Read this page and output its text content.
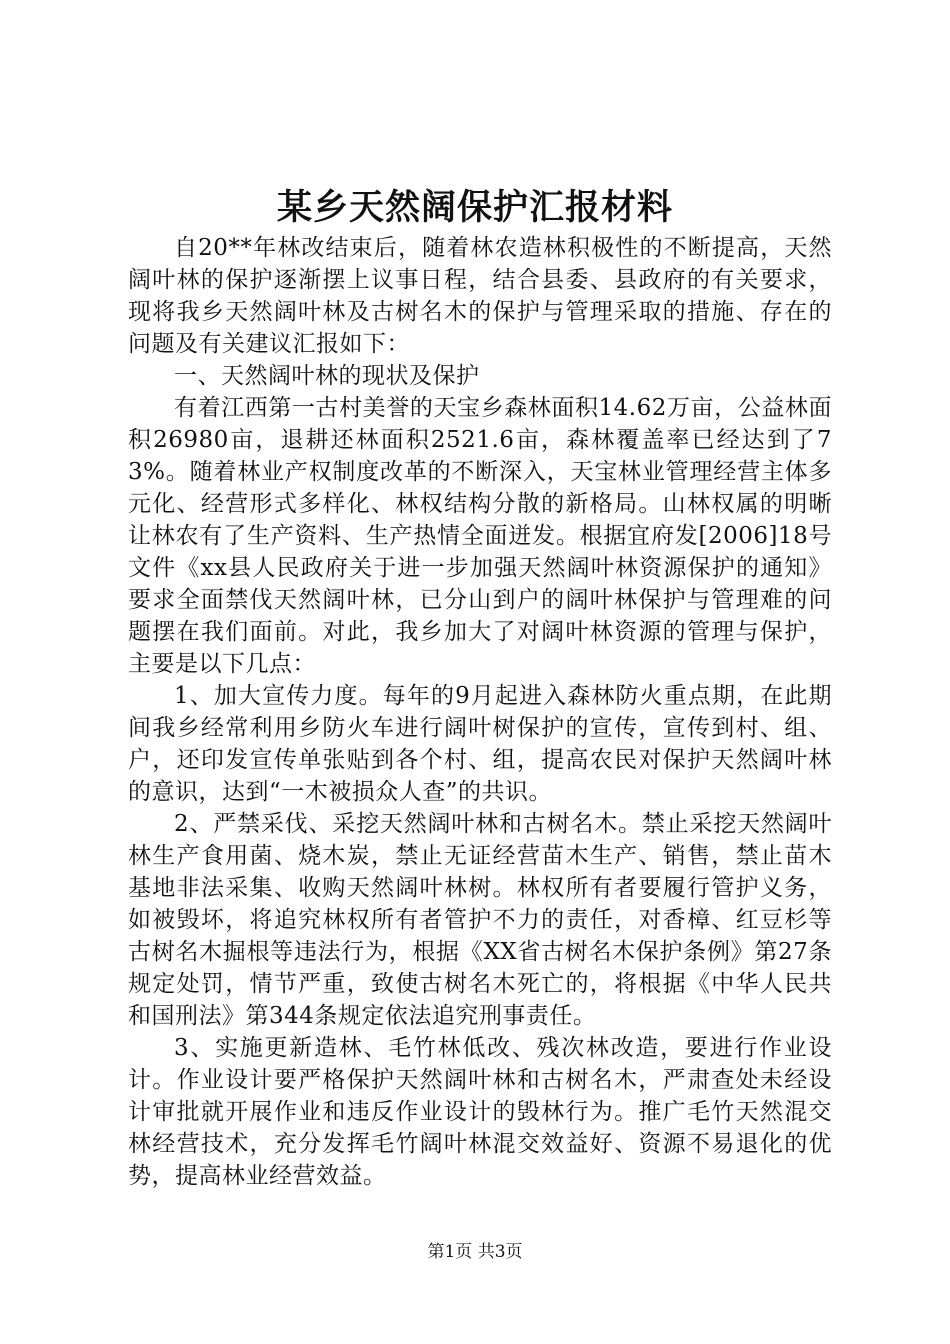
某乡天然阔保护汇报材料

自20**年林改结束后，随着林农造林积极性的不断提高，天然阔叶林的保护逐渐摆上议事日程，结合县委、县政府的有关要求，现将我乡天然阔叶林及古树名木的保护与管理采取的措施、存在的问题及有关建议汇报如下：

一、天然阔叶林的现状及保护

有着江西第一古村美誉的天宝乡森林面积14.62万亩，公益林面积26980亩，退耕还林面积2521.6亩，森林覆盖率已经达到了73%。随着林业产权制度改革的不断深入，天宝林业管理经营主体多元化、经营形式多样化、林权结构分散的新格局。山林权属的明晰让林农有了生产资料、生产热情全面迸发。根据宜府发[2006]18号文件《xx县人民政府关于进一步加强天然阔叶林资源保护的通知》要求全面禁伐天然阔叶林，已分山到户的阔叶林保护与管理难的问题摆在我们面前。对此，我乡加大了对阔叶林资源的管理与保护，主要是以下几点：

1、加大宣传力度。每年的9月起进入森林防火重点期，在此期间我乡经常利用乡防火车进行阔叶树保护的宣传，宣传到村、组、户，还印发宣传单张贴到各个村、组，提高农民对保护天然阔叶林的意识，达到“一木被损众人查”的共识。

2、严禁采伐、采挖天然阔叶林和古树名木。禁止采挖天然阔叶林生产食用菌、烧木炭，禁止无证经营苗木生产、销售，禁止苗木基地非法采集、收购天然阔叶林树。林权所有者要履行管护义务，如被毁坏，将追究林权所有者管护不力的责任，对香樟、红豆杉等古树名木掘根等违法行为，根据《XX省古树名木保护条例》第27条规定处罚，情节严重，致使古树名木死亡的，将根据《中华人民共和国刑法》第344条规定依法追究刑事责任。

3、实施更新造林、毛竹林低改、残次林改造，要进行作业设计。作业设计要严格保护天然阔叶林和古树名木，严肃查处未经设计审批就开展作业和违反作业设计的毁林行为。推广毛竹天然混交林经营技术，充分发挥毛竹阔叶林混交效益好、资源不易退化的优势，提高林业经营效益。

第1页 共3页
